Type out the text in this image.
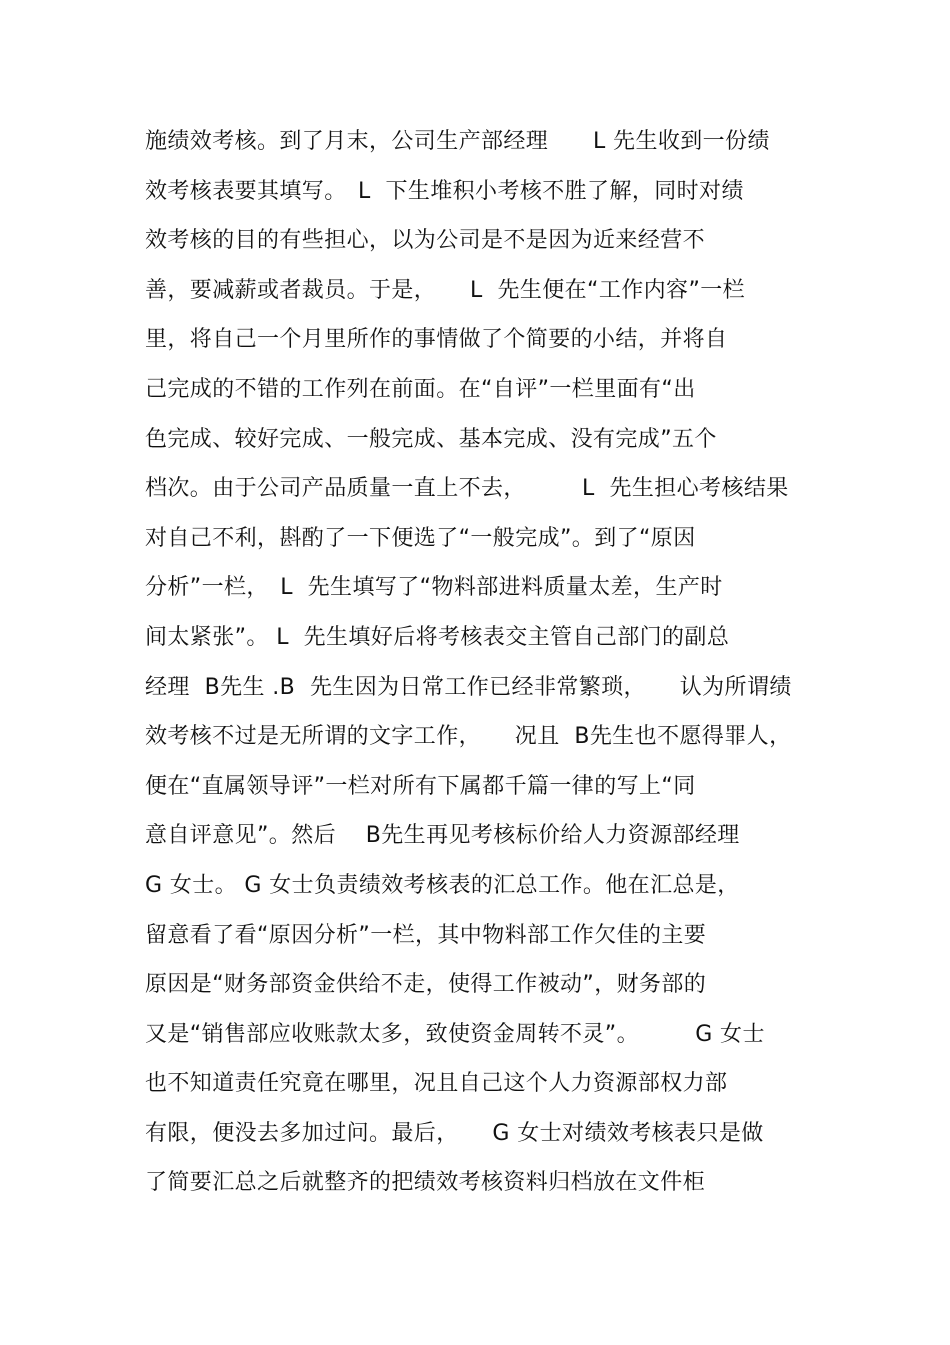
施绩效考核。到了月末，公司生产部经理　　L 先生收到一份绩
效考核表要其填写。　L  下生堆积小考核不胜了解，同时对绩
效考核的目的有些担心，以为公司是不是因为近来经营不
善，要减薪或者裁员。于是，　　L  先生便在“工作内容”一栏
里，将自己一个月里所作的事情做了个简要的小结，并将自
己完成的不错的工作列在前面。在“自评”一栏里面有“出
色完成、较好完成、一般完成、基本完成、没有完成”五个
档次。由于公司产品质量一直上不去，　　　L  先生担心考核结果
对自己不利，斟酌了一下便选了“一般完成”。到了“原因
分析”一栏，　L  先生填写了“物料部进料质量太差，生产时
间太紧张”。 L  先生填好后将考核表交主管自己部门的副总
经理  B先生 .B  先生因为日常工作已经非常繁琐，　　认为所谓绩
效考核不过是无所谓的文字工作，　　况且  B先生也不愿得罪人，
便在“直属领导评”一栏对所有下属都千篇一律的写上“同
意自评意见”。然后　 B先生再见考核标价给人力资源部经理
G 女士。 G 女士负责绩效考核表的汇总工作。他在汇总是，
留意看了看“原因分析”一栏，其中物料部工作欠佳的主要
原因是“财务部资金供给不走，使得工作被动”，财务部的
又是“销售部应收账款太多，致使资金周转不灵”。　　　G 女士
也不知道责任究竟在哪里，况且自己这个人力资源部权力部
有限，便没去多加过问。最后，　　G 女士对绩效考核表只是做
了简要汇总之后就整齐的把绩效考核资料归档放在文件柜
